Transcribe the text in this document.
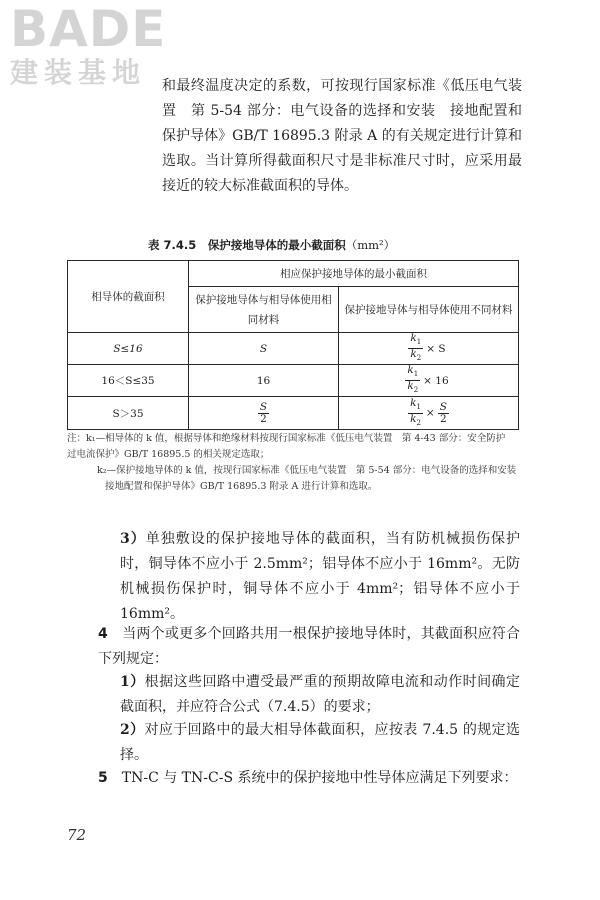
BADE
建装基地	和最终温度决定的系数，可按现行国家标准《低压电气装置　第 5-54 部分：电气设备的选择和安装　接地配置和保护导体》GB/T 16895.3 附录 A 的有关规定进行计算和选取。当计算所得截面积尺寸是非标准尺寸时，应采用最接近的较大标准截面积的导体。
表 7.4.5　保护接地导体的最小截面积（mm²）
相导体的截面积	相应保护接地导体的最小截面积	
	保护接地导体与相导体使用相同材料	保护接地导体与相导体使用不同材料
S≤16	S	$\frac{k_1}{k_2} \times S$
16＜S≤35	16	$\frac{k_1}{k_2} \times 16$
S＞35	$\frac{S}{2}$	$\frac{k_1}{k_2} \times \frac{S}{2}$
注：k₁—相导体的 k 值，根据导体和绝缘材料按现行国家标准《低压电气装置　第 4-43 部分：安全防护　过电流保护》GB/T 16895.5 的相关规定选取；
k₂—保护接地导体的 k 值，按现行国家标准《低压电气装置　第 5-54 部分：电气设备的选择和安装　接地配置和保护导体》GB/T 16895.3 附录 A 进行计算和选取。
3）单独敷设的保护接地导体的截面积，当有防机械损伤保护时，铜导体不应小于 2.5mm²；铝导体不应小于 16mm²。无防机械损伤保护时，铜导体不应小于 4mm²；铝导体不应小于 16mm²。
4　 当两个或更多个回路共用一根保护接地导体时，其截面积应符合下列规定：
1）根据这些回路中遭受最严重的预期故障电流和动作时间确定截面积，并应符合公式（7.4.5）的要求；
2）对应于回路中的最大相导体截面积，应按表 7.4.5 的规定选择。
5　 TN-C 与 TN-C-S 系统中的保护接地中性导体应满足下列要求：
72
